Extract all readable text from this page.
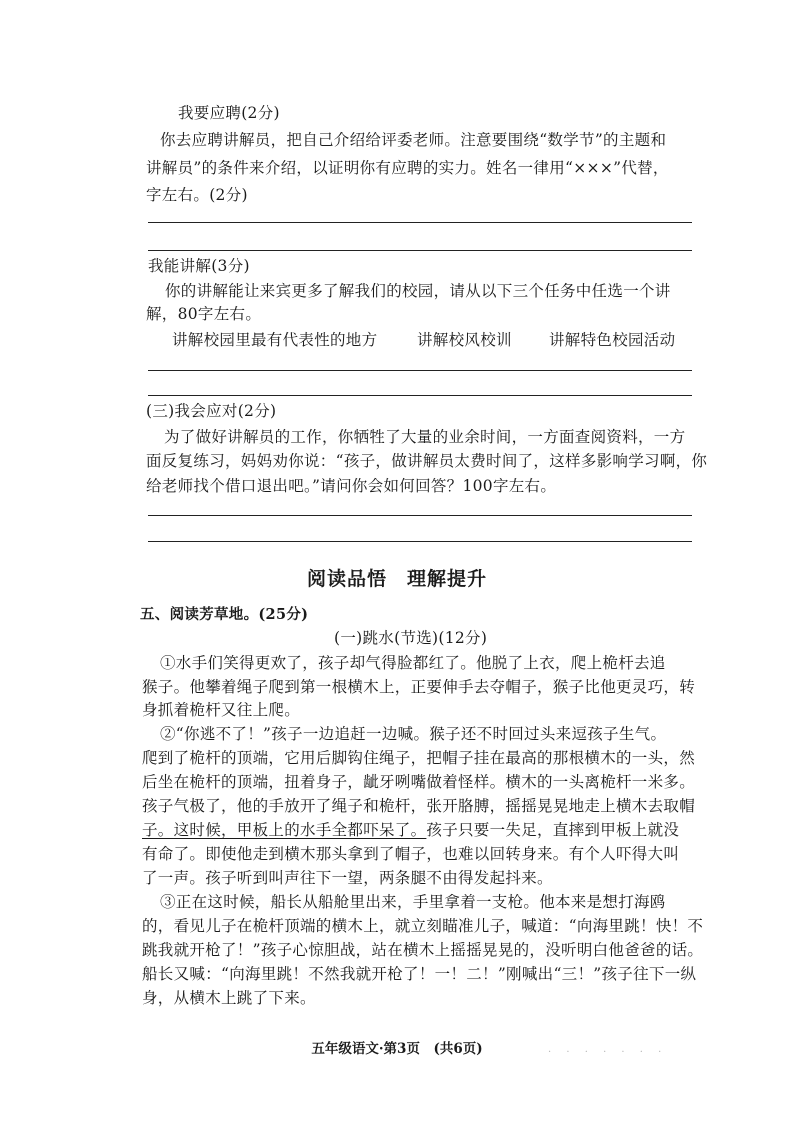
我要应聘(2分)
你去应聘讲解员，把自己介绍给评委老师。注意要围绕“数学节”的主题和
讲解员”的条件来介绍，以证明你有应聘的实力。姓名一律用“×××”代替，
字左右。(2分)
我能讲解(3分)
你的讲解能让来宾更多了解我们的校园，请从以下三个任务中任选一个讲
解，80字左右。
讲解校园里最有代表性的地方	讲解校风校训 讲解特色校园活动
(三)我会应对(2分)
为了做好讲解员的工作，你牺牲了大量的业余时间，一方面查阅资料，一方
面反复练习，妈妈劝你说：“孩子，做讲解员太费时间了，这样多影响学习啊，你
给老师找个借口退出吧。”请问你会如何回答？100字左右。
阅读品悟　理解提升
五、阅读芳草地。(25分)
(一)跳水(节选)(12分)
①水手们笑得更欢了，孩子却气得脸都红了。他脱了上衣，爬上桅杆去追
猴子。他攀着绳子爬到第一根横木上，正要伸手去夺帽子，猴子比他更灵巧，转
身抓着桅杆又往上爬。
②“你逃不了！”孩子一边追赶一边喊。猴子还不时回过头来逗孩子生气。
爬到了桅杆的顶端，它用后脚钩住绳子，把帽子挂在最高的那根横木的一头，然
后坐在桅杆的顶端，扭着身子，龇牙咧嘴做着怪样。横木的一头离桅杆一米多。
孩子气极了，他的手放开了绳子和桅杆，张开胳膊，摇摇晃晃地走上横木去取帽
子。这时候，甲板上的水手全都吓呆了。孩子只要一失足，直摔到甲板上就没
有命了。即使他走到横木那头拿到了帽子，也难以回转身来。有个人吓得大叫
了一声。孩子听到叫声往下一望，两条腿不由得发起抖来。
③正在这时候，船长从船舱里出来，手里拿着一支枪。他本来是想打海鸥
的，看见儿子在桅杆顶端的横木上，就立刻瞄准儿子，喊道：“向海里跳！快！不
跳我就开枪了！”孩子心惊胆战，站在横木上摇摇晃晃的，没听明白他爸爸的话。
船长又喊：“向海里跳！不然我就开枪了！一！二！”刚喊出“三！”孩子往下一纵
身，从横木上跳了下来。
五年级语文·第3页　(共6页)	· · · · · · ·
